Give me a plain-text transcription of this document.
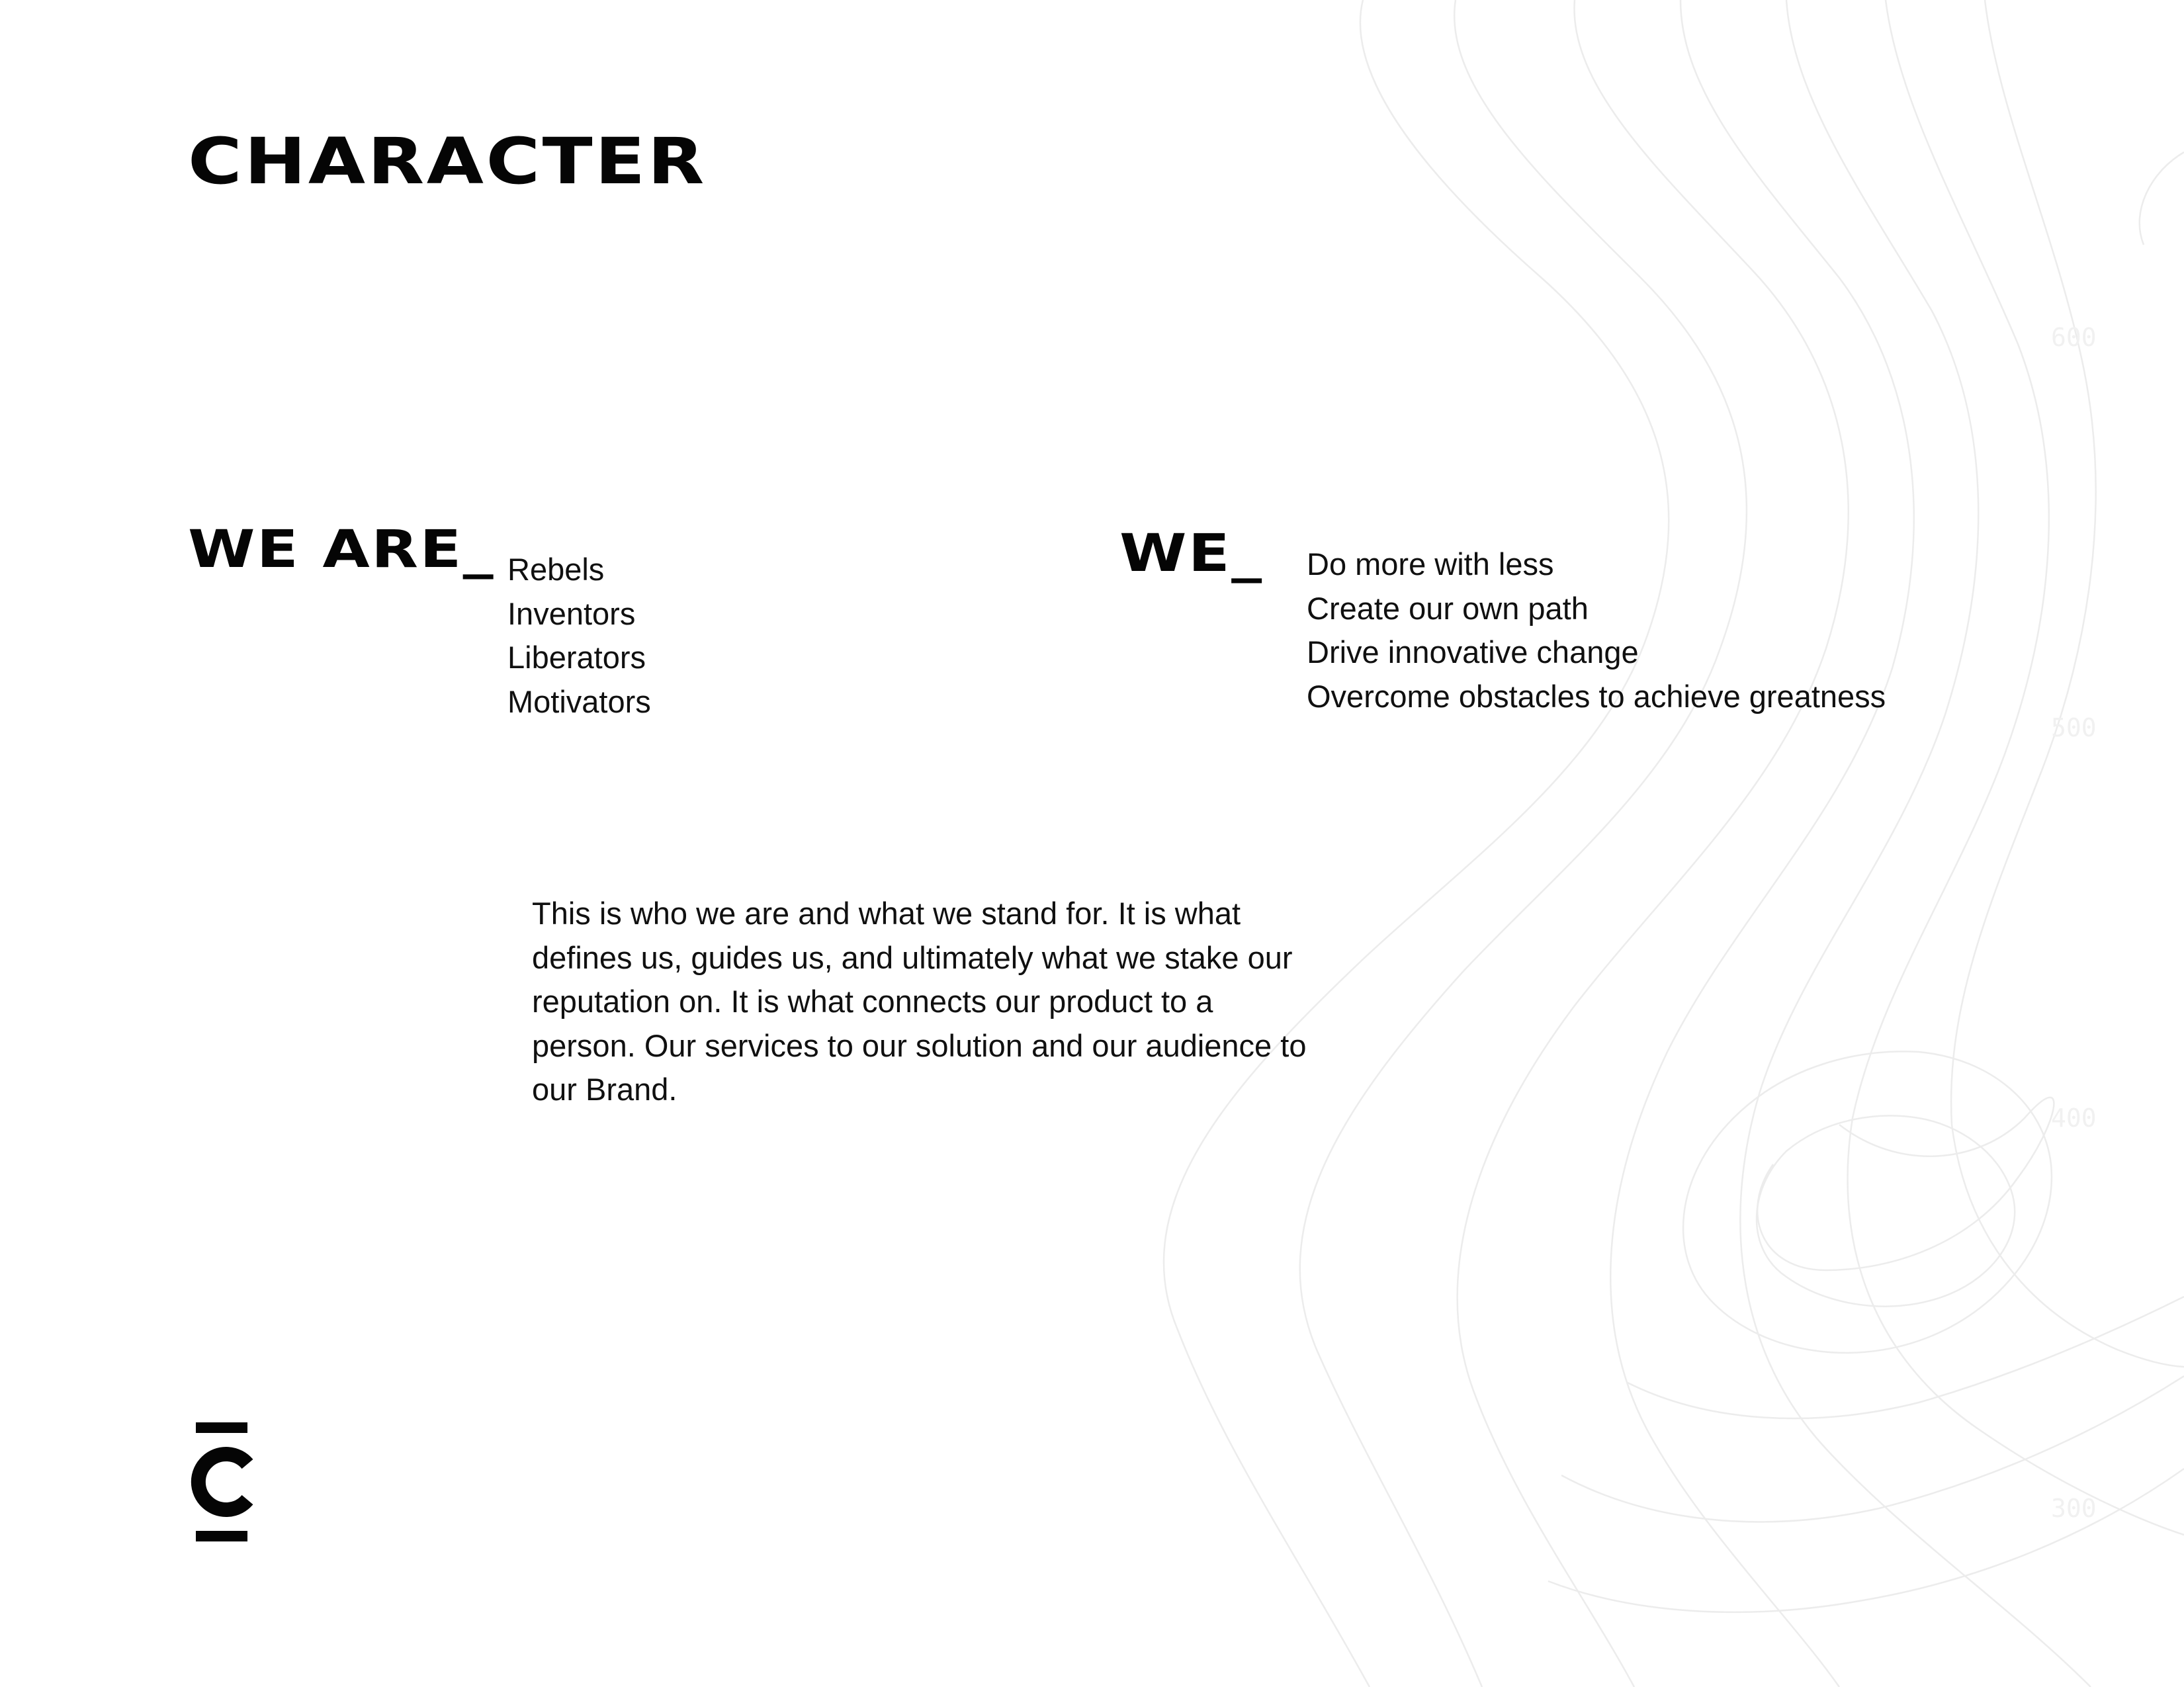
600
500
400
300
CHARACTER
WE ARE_ Rebels
Inventors
Liberators
Motivators
WE_ Do more with less
Create our own path
Drive innovative change
Overcome obstacles to achieve greatness

This is who we are and what we stand for. It is what defines us, guides us, and ultimately what we stake our reputation on. It is what connects our product to a person. Our services to our solution and our audience to our Brand.
